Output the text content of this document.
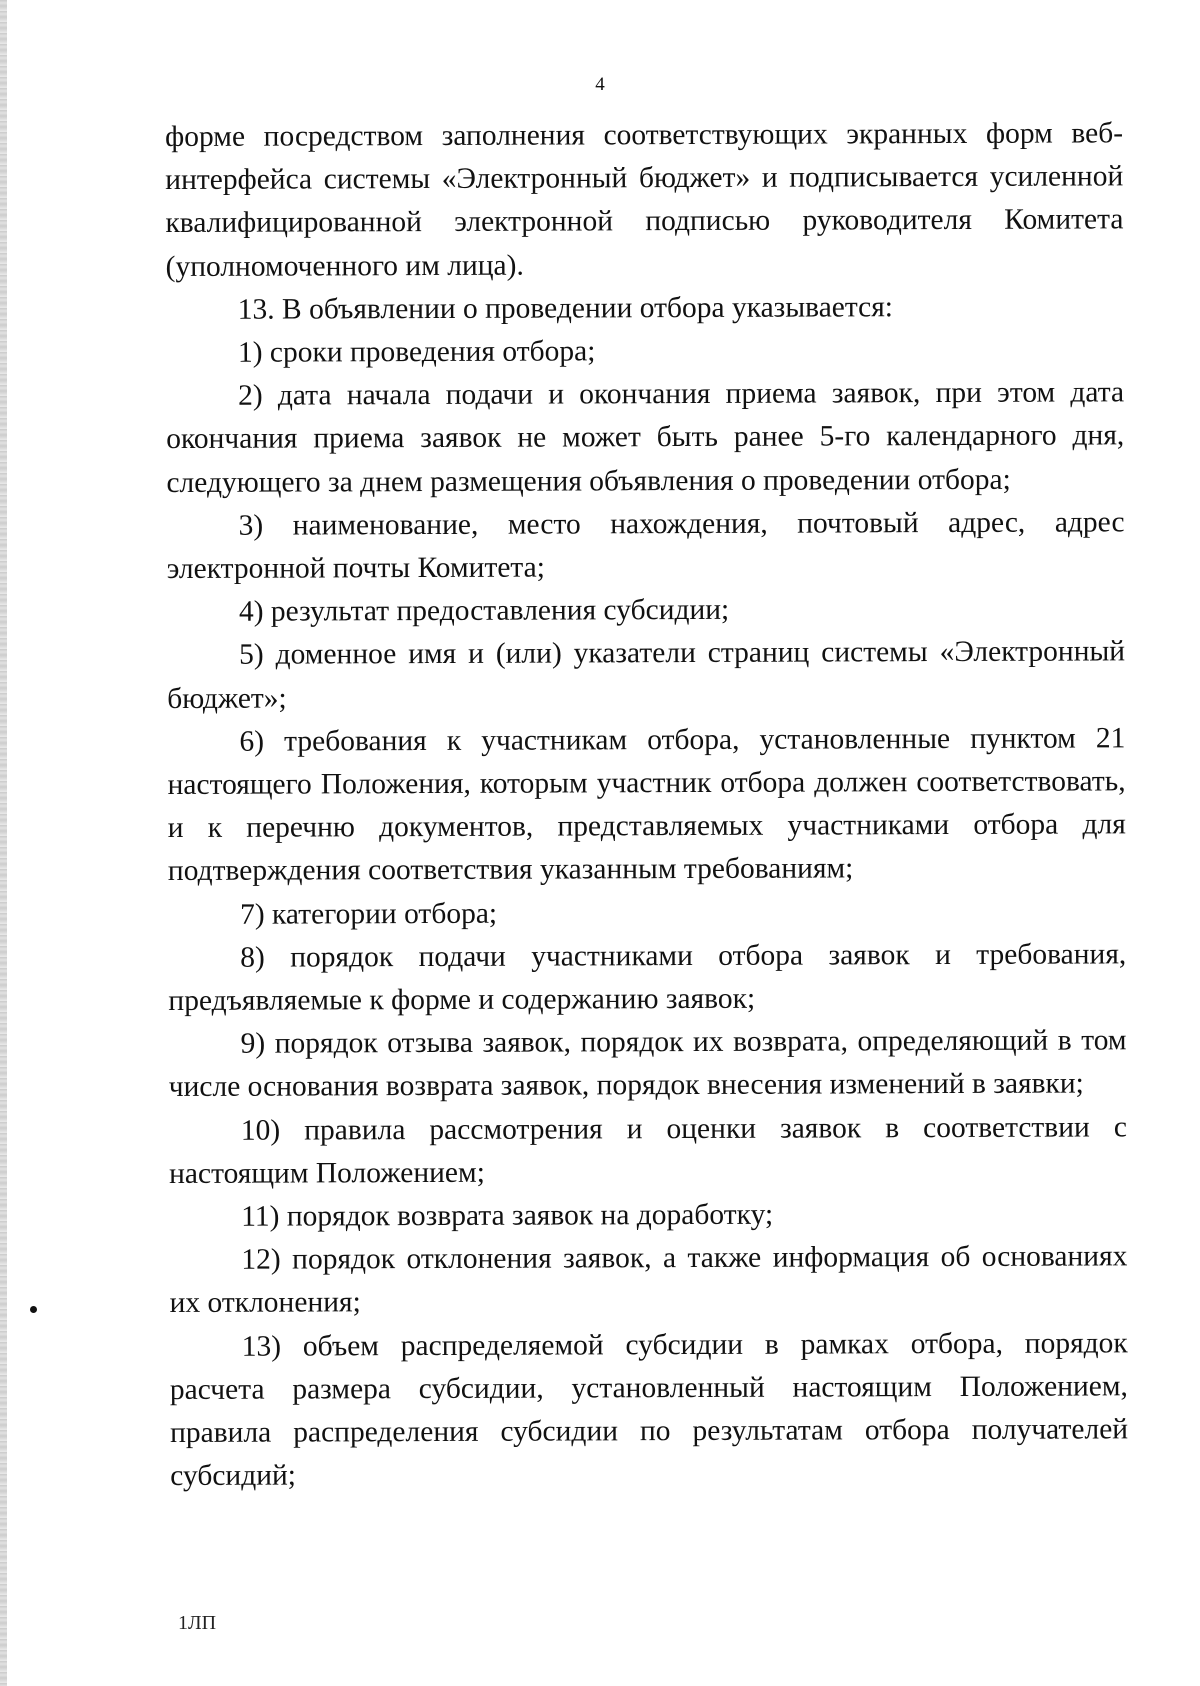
4

форме посредством заполнения соответствующих экранных форм веб-интерфейса системы «Электронный бюджет» и подписывается усиленной квалифицированной электронной подписью руководителя Комитета (уполномоченного им лица).

13. В объявлении о проведении отбора указывается:

1) сроки проведения отбора;

2) дата начала подачи и окончания приема заявок, при этом дата окончания приема заявок не может быть ранее 5-го календарного дня, следующего за днем размещения объявления о проведении отбора;

3) наименование, место нахождения, почтовый адрес, адрес электронной почты Комитета;

4) результат предоставления субсидии;

5) доменное имя и (или) указатели страниц системы «Электронный бюджет»;

6) требования к участникам отбора, установленные пунктом 21 настоящего Положения, которым участник отбора должен соответствовать, и к перечню документов, представляемых участниками отбора для подтверждения соответствия указанным требованиям;

7) категории отбора;

8) порядок подачи участниками отбора заявок и требования, предъявляемые к форме и содержанию заявок;

9) порядок отзыва заявок, порядок их возврата, определяющий в том числе основания возврата заявок, порядок внесения изменений в заявки;

10) правила рассмотрения и оценки заявок в соответствии с настоящим Положением;

11) порядок возврата заявок на доработку;

12) порядок отклонения заявок, а также информация об основаниях их отклонения;

13) объем распределяемой субсидии в рамках отбора, порядок расчета размера субсидии, установленный настоящим Положением, правила распределения субсидии по результатам отбора получателей субсидий;

1ЛП
